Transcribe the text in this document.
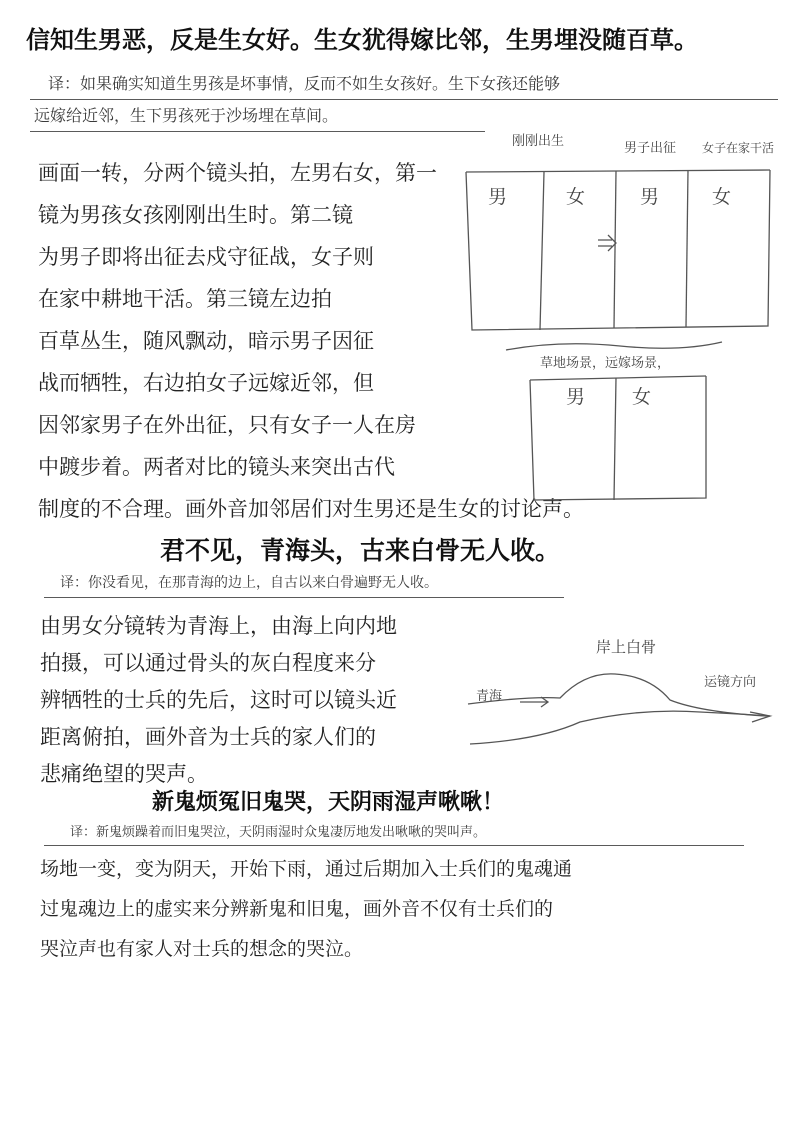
信知生男恶，反是生女好。生女犹得嫁比邻，生男埋没随百草。
译：如果确实知道生男孩是坏事情，反而不如生女孩好。生下女孩还能够
远嫁给近邻，生下男孩死于沙场埋在草间。
画面一转，分两个镜头拍，左男右女，第一
镜为男孩女孩刚刚出生时。第二镜
为男子即将出征去戍守征战，女子则
在家中耕地干活。第三镜左边拍
百草丛生，随风飘动，暗示男子因征
战而牺牲，右边拍女子远嫁近邻，但
因邻家男子在外出征，只有女子一人在房
中踱步着。两者对比的镜头来突出古代
制度的不合理。画外音加邻居们对生男还是生女的讨论声。
刚刚出生	男子出征 女子在家干活
男	女	男	女
草地场景，远嫁场景，
男 女
君不见，青海头，古来白骨无人收。
译：你没看见，在那青海的边上，自古以来白骨遍野无人收。
由男女分镜转为青海上，由海上向内地
拍摄，可以通过骨头的灰白程度来分
辨牺牲的士兵的先后，这时可以镜头近
距离俯拍，画外音为士兵的家人们的
悲痛绝望的哭声。
岸上白骨
青海
运镜方向
新鬼烦冤旧鬼哭，天阴雨湿声啾啾！
译：新鬼烦躁着而旧鬼哭泣，天阴雨湿时众鬼凄厉地发出啾啾的哭叫声。
场地一变，变为阴天，开始下雨，通过后期加入士兵们的鬼魂通
过鬼魂边上的虚实来分辨新鬼和旧鬼，画外音不仅有士兵们的
哭泣声也有家人对士兵的想念的哭泣。
